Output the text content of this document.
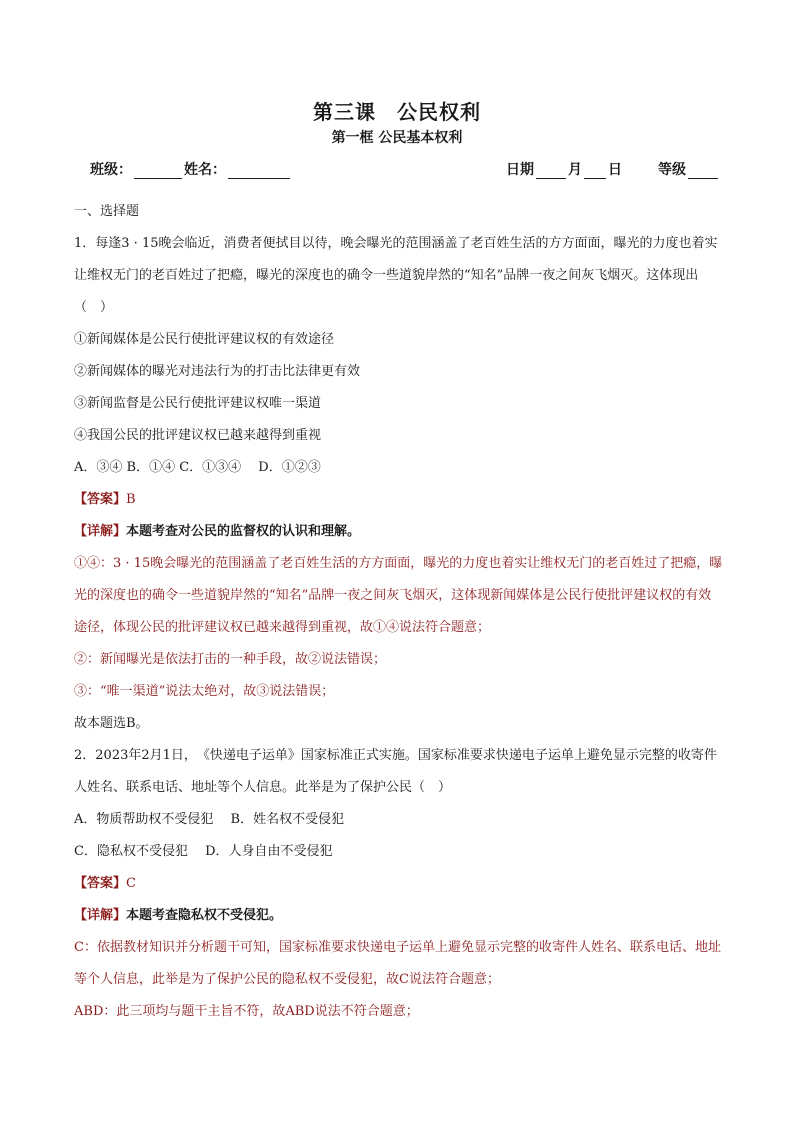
第三课　公民权利
第一框 公民基本权利
班级：	姓名：	日期 月 日	等级

一、选择题

1．每逢3 · 15晚会临近，消费者便拭目以待，晚会曝光的范围涵盖了老百姓生活的方方面面，曝光的力度也着实让维权无门的老百姓过了把瘾，曝光的深度也的确令一些道貌岸然的“知名”品牌一夜之间灰飞烟灭。这体现出（　）

①新闻媒体是公民行使批评建议权的有效途径

②新闻媒体的曝光对违法行为的打击比法律更有效

③新闻监督是公民行使批评建议权唯一渠道

④我国公民的批评建议权已越来越得到重视

A．③④ B．①④ C．①③④　 D．①②③

【答案】B

【详解】本题考查对公民的监督权的认识和理解。

①④：3 · 15晚会曝光的范围涵盖了老百姓生活的方方面面，曝光的力度也着实让维权无门的老百姓过了把瘾，曝光的深度也的确令一些道貌岸然的“知名”品牌一夜之间灰飞烟灭，这体现新闻媒体是公民行使批评建议权的有效途径，体现公民的批评建议权已越来越得到重视，故①④说法符合题意；

②：新闻曝光是依法打击的一种手段，故②说法错误；

③：“唯一渠道”说法太绝对，故③说法错误；

故本题选B。

2．2023年2月1日，　《快递电子运单》国家标准正式实施。国家标准要求快递电子运单上避免显示完整的收寄件人姓名、联系电话、地址等个人信息。此举是为了保护公民（　）

A．物质帮助权不受侵犯　 B．姓名权不受侵犯

C．隐私权不受侵犯　 D．人身自由不受侵犯

【答案】C

【详解】本题考查隐私权不受侵犯。

C：依据教材知识并分析题干可知，国家标准要求快递电子运单上避免显示完整的收寄件人姓名、联系电话、地址等个人信息，此举是为了保护公民的隐私权不受侵犯，故C说法符合题意；

ABD：此三项均与题干主旨不符，故ABD说法不符合题意；
